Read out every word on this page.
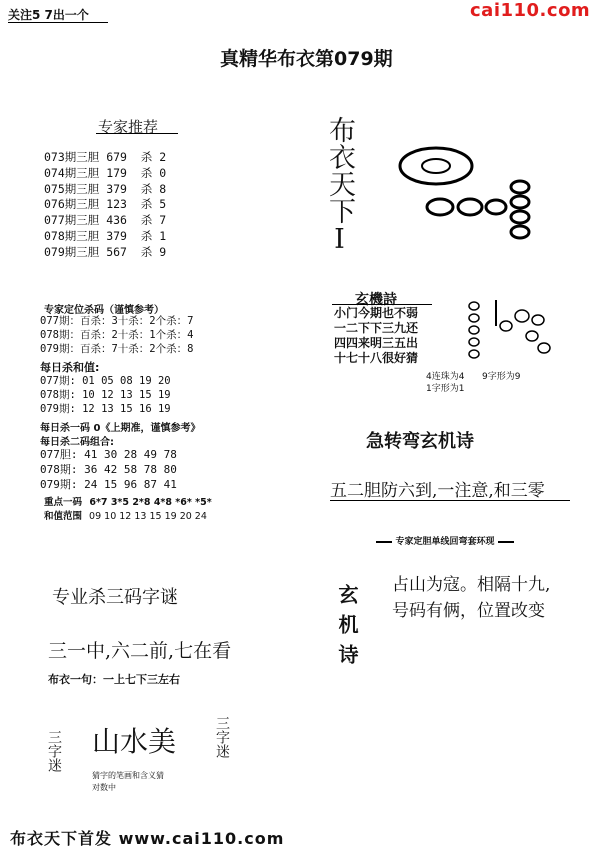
关注5 7出一个	cai110.com
真精华布衣第079期
专家推荐
073期三胆 679  杀 2
074期三胆 179  杀 0
075期三胆 379  杀 8
076期三胆 123  杀 5
077期三胆 436  杀 7
078期三胆 379  杀 1
079期三胆 567  杀 9
专家定位杀码（谨慎参考）
077期：百杀：3十杀：2个杀：7
078期：百杀：2十杀：1个杀：4
079期：百杀：7十杀：2个杀：8
每日杀和值:
077期: 01 05 08 19 20
078期: 10 12 13 15 19
079期: 12 13 15 16 19
每日杀一码 0《上期准，谨慎参考》
每日杀二码组合:
077胆: 41 30 28 49 78
078期: 36 42 58 78 80
079期: 24 15 96 87 41
重点一码 6*7 3*5 2*8 4*8 *6* *5*
和值范围 09 10 12 13 15 19 20 24
专业杀三码字谜
三一中,六二前,七在看
布衣一句：一上七下三左右
三字迷 山水美	三字迷
猜字的笔画和含义猜
对数中
布衣天下I
玄機詩
小门今期也不弱
一二下下三九还
四四来明三五出
十七十八很好猜
4连珠为4 9字形为9
1字形为1
急转弯玄机诗
五二胆防六到,一注意,和三零
专家定胆单线回弯套环现
玄机诗 占山为寇。相隔十九,
号码有俩，位置改变
布衣天下首发 www.cai110.com
